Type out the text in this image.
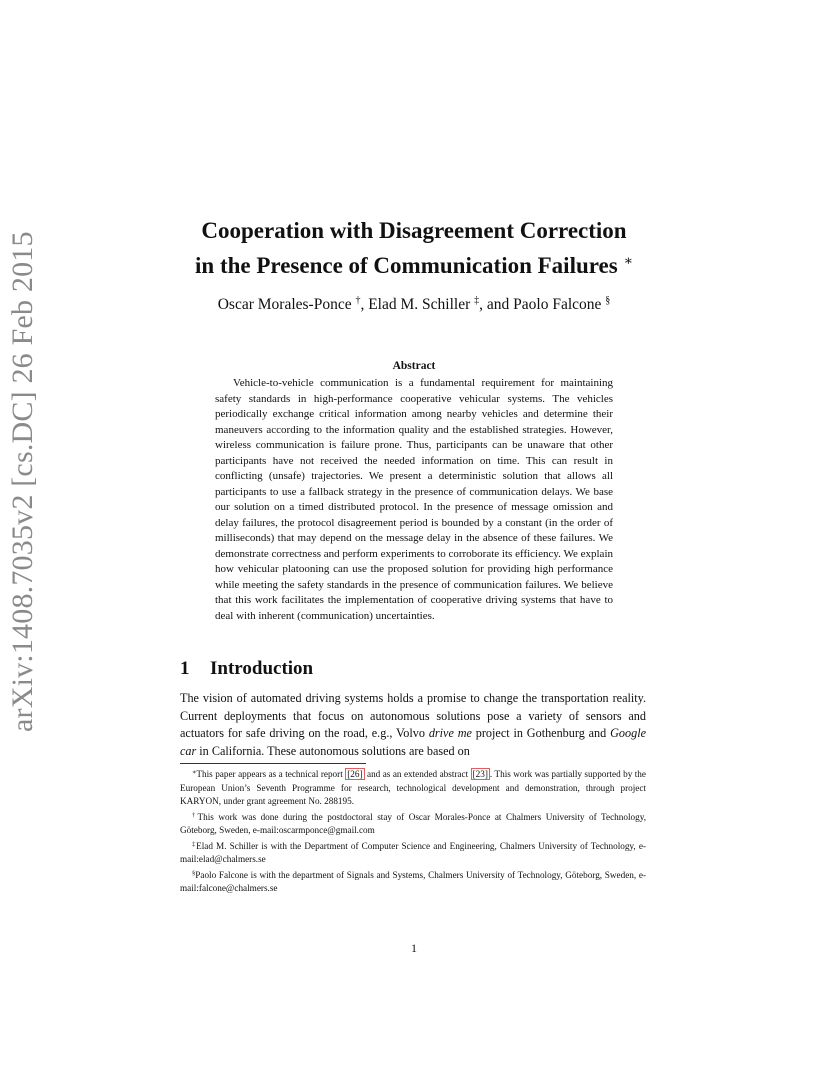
arXiv:1408.7035v2 [cs.DC] 26 Feb 2015
Cooperation with Disagreement Correction
in the Presence of Communication Failures ∗
Oscar Morales-Ponce †, Elad M. Schiller ‡, and Paolo Falcone §
Abstract

Vehicle-to-vehicle communication is a fundamental requirement for maintaining safety standards in high-performance cooperative vehicular systems. The vehicles periodically exchange critical information among nearby vehicles and determine their maneuvers according to the information quality and the established strategies. However, wireless communication is failure prone. Thus, participants can be unaware that other participants have not received the needed information on time. This can result in conflicting (unsafe) trajectories. We present a deterministic solution that allows all participants to use a fallback strategy in the presence of communication delays. We base our solution on a timed distributed protocol. In the presence of message omission and delay failures, the protocol disagreement period is bounded by a constant (in the order of milliseconds) that may depend on the message delay in the absence of these failures. We demonstrate correctness and perform experiments to corroborate its efficiency. We explain how vehicular platooning can use the proposed solution for providing high performance while meeting the safety standards in the presence of communication failures. We believe that this work facilitates the implementation of cooperative driving systems that have to deal with inherent (communication) uncertainties.

1 Introduction

The vision of automated driving systems holds a promise to change the transportation reality. Current deployments that focus on autonomous solutions pose a variety of sensors and actuators for safe driving on the road, e.g., Volvo drive me project in Gothenburg and Google car in California. These autonomous solutions are based on

∗This paper appears as a technical report [26] and as an extended abstract [23] . This work was partially supported by the European Union’s Seventh Programme for research, technological development and demonstration, through project KARYON, under grant agreement No. 288195.

†This work was done during the postdoctoral stay of Oscar Morales-Ponce at Chalmers University of Technology, Göteborg, Sweden, e-mail:oscarmponce@gmail.com

‡Elad M. Schiller is with the Department of Computer Science and Engineering, Chalmers University of Technology, e-mail:elad@chalmers.se

§Paolo Falcone is with the department of Signals and Systems, Chalmers University of Technology, Göteborg, Sweden, e-mail:falcone@chalmers.se

1
